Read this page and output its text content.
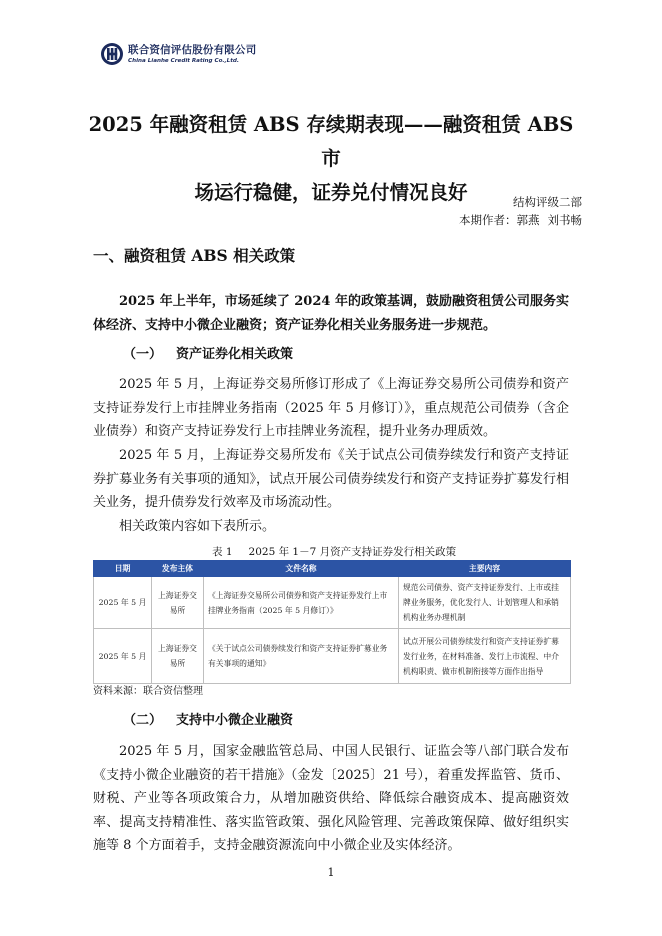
联合资信评估股份有限公司
China Lianhe Credit Rating Co.,Ltd.
2025 年融资租赁 ABS 存续期表现——融资租赁 ABS 市
场运行稳健，证券兑付情况良好	结构评级二部
本期作者：郭燕 刘书畅
一、融资租赁 ABS 相关政策
2025 年上半年，市场延续了 2024 年的政策基调，鼓励融资租赁公司服务实体经济、支持中小微企业融资；资产证券化相关业务服务进一步规范。
（一） 资产证券化相关政策
2025 年 5 月，上海证券交易所修订形成了《上海证券交易所公司债券和资产支持证券发行上市挂牌业务指南（2025 年 5 月修订）》，重点规范公司债券（含企业债券）和资产支持证券发行上市挂牌业务流程，提升业务办理质效。
2025 年 5 月，上海证券交易所发布《关于试点公司债券续发行和资产支持证券扩募业务有关事项的通知》，试点开展公司债券续发行和资产支持证券扩募发行相关业务，提升债券发行效率及市场流动性。
相关政策内容如下表所示。
表 1 2025 年 1－7 月资产支持证券发行相关政策
日期	发布主体	文件名称	主要内容
2025 年 5 月	上海证券交易所	《上海证券交易所公司债券和资产支持证券发行上市挂牌业务指南（2025 年 5 月修订）》	规范公司债券、资产支持证券发行、上市或挂牌业务服务，优化发行人、计划管理人和承销机构业务办理机制
2025 年 5 月	上海证券交易所	《关于试点公司债券续发行和资产支持证券扩募业务有关事项的通知》	试点开展公司债券续发行和资产支持证券扩募发行业务，在材料准备、发行上市流程、中介机构职责、做市机制衔接等方面作出指导
资料来源：联合资信整理
（二） 支持中小微企业融资
2025 年 5 月，国家金融监管总局、中国人民银行、证监会等八部门联合发布《支持小微企业融资的若干措施》（金发〔2025〕21 号），着重发挥监管、货币、财税、产业等各项政策合力，从增加融资供给、降低综合融资成本、提高融资效率、提高支持精准性、落实监管政策、强化风险管理、完善政策保障、做好组织实施等 8 个方面着手，支持金融资源流向中小微企业及实体经济。
1
